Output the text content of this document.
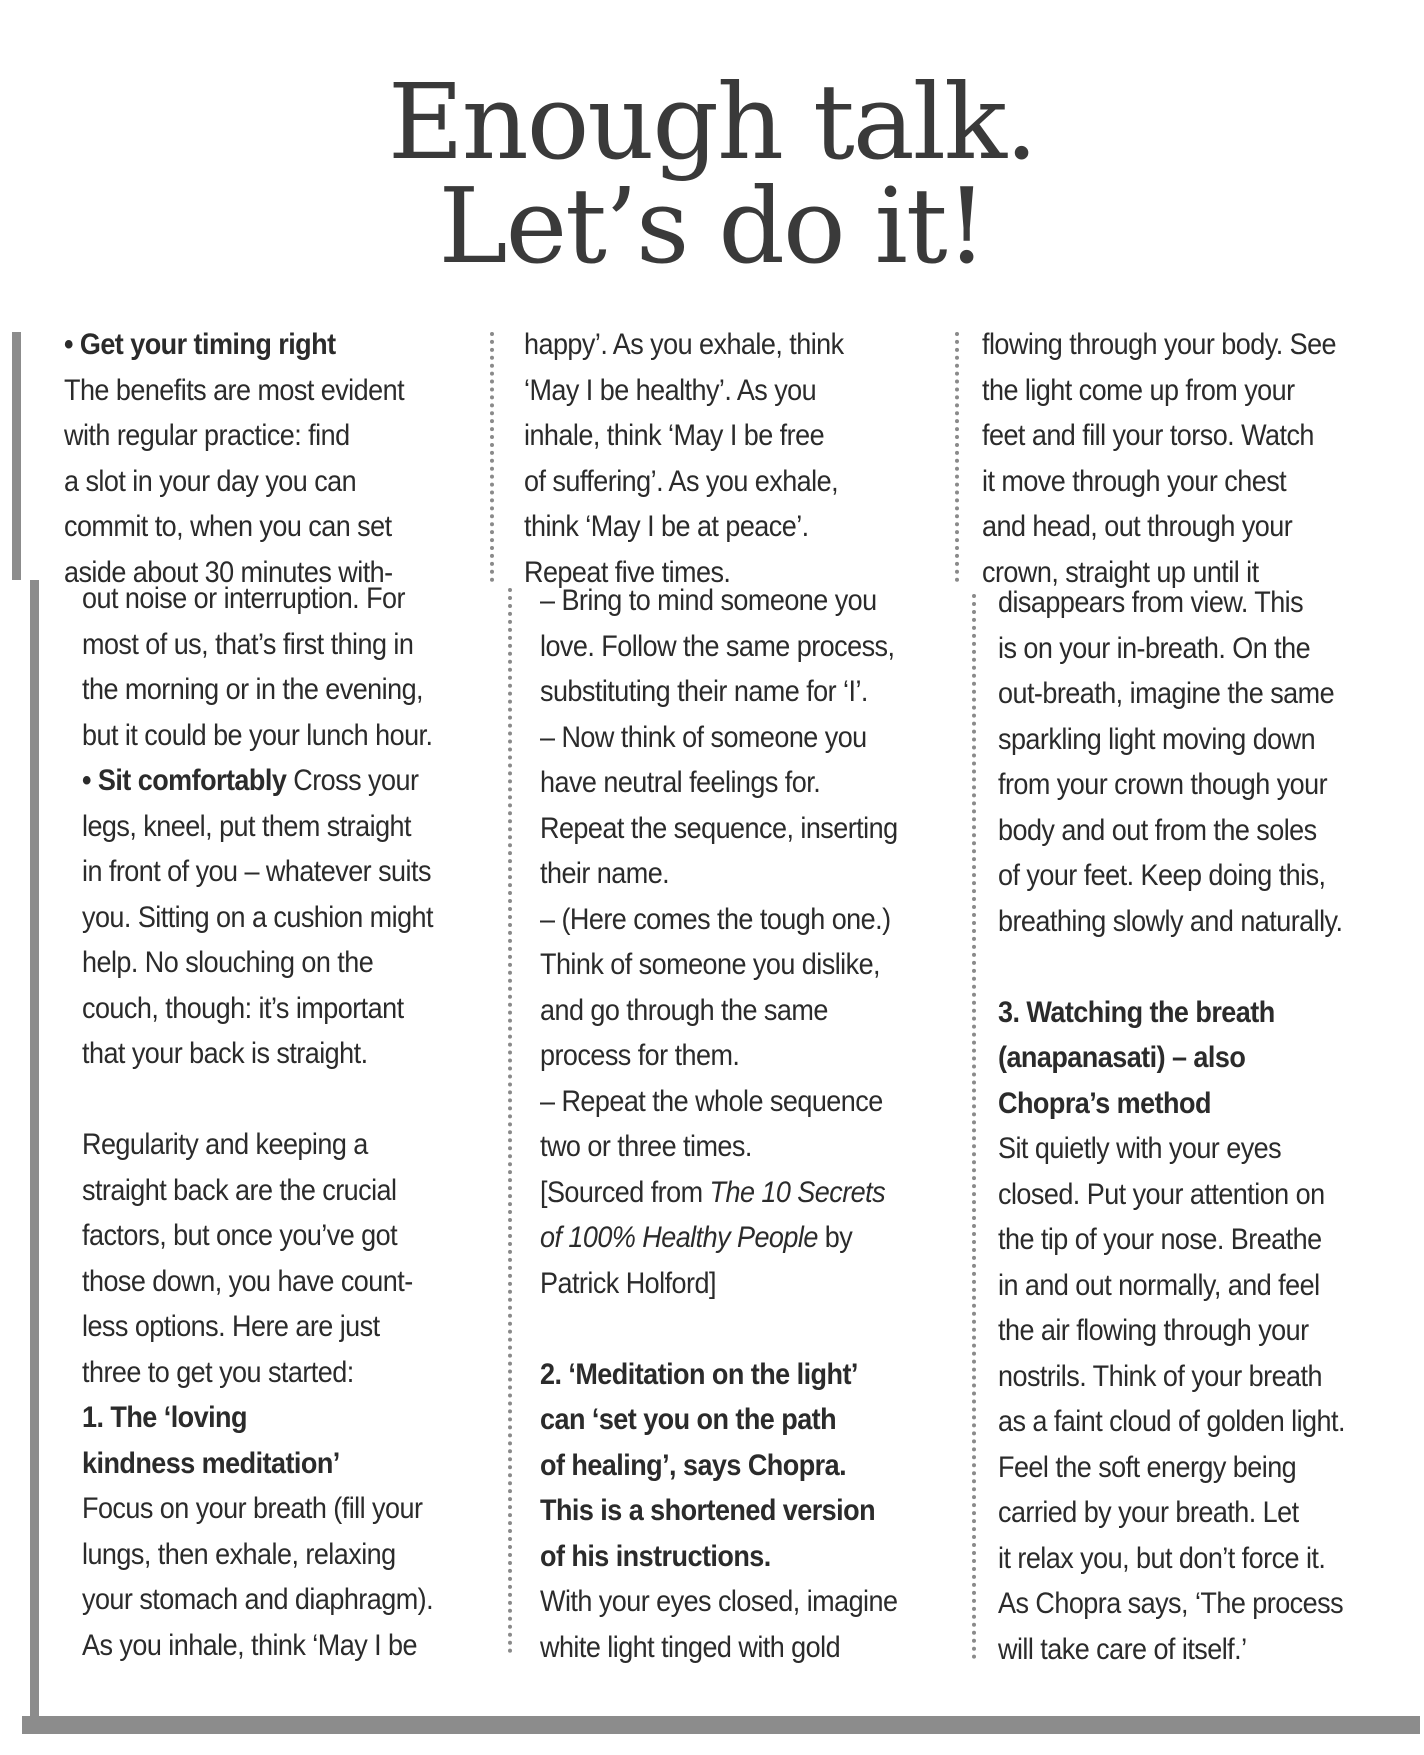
Enough talk.
Let’s do it!

• Get your timing right

The benefits are most evident

with regular practice: find

a slot in your day you can

commit to, when you can set

aside about 30 minutes with-

out noise or interruption. For

most of us, that’s first thing in

the morning or in the evening,

but it could be your lunch hour.

• Sit comfortably Cross your

legs, kneel, put them straight

in front of you – whatever suits

you. Sitting on a cushion might

help. No slouching on the

couch, though: it’s important

that your back is straight.

Regularity and keeping a

straight back are the crucial

factors, but once you’ve got

those down, you have count-

less options. Here are just

three to get you started:

1. The ‘loving

kindness meditation’

Focus on your breath (fill your

lungs, then exhale, relaxing

your stomach and diaphragm).

As you inhale, think ‘May I be

happy’. As you exhale, think

‘May I be healthy’. As you

inhale, think ‘May I be free

of suffering’. As you exhale,

think ‘May I be at peace’.

Repeat five times.

– Bring to mind someone you

love. Follow the same process,

substituting their name for ‘I’.

– Now think of someone you

have neutral feelings for.

Repeat the sequence, inserting

their name.

– (Here comes the tough one.)

Think of someone you dislike,

and go through the same

process for them.

– Repeat the whole sequence

two or three times.

[Sourced from The 10 Secrets

of 100% Healthy People by

Patrick Holford]

2. ‘Meditation on the light’

can ‘set you on the path

of healing’, says Chopra.

This is a shortened version

of his instructions.

With your eyes closed, imagine

white light tinged with gold

flowing through your body. See

the light come up from your

feet and fill your torso. Watch

it move through your chest

and head, out through your

crown, straight up until it

disappears from view. This

is on your in-breath. On the

out-breath, imagine the same

sparkling light moving down

from your crown though your

body and out from the soles

of your feet. Keep doing this,

breathing slowly and naturally.

3. Watching the breath

(anapanasati) – also

Chopra’s method

Sit quietly with your eyes

closed. Put your attention on

the tip of your nose. Breathe

in and out normally, and feel

the air flowing through your

nostrils. Think of your breath

as a faint cloud of golden light.

Feel the soft energy being

carried by your breath. Let

it relax you, but don’t force it.

As Chopra says, ‘The process

will take care of itself.’
